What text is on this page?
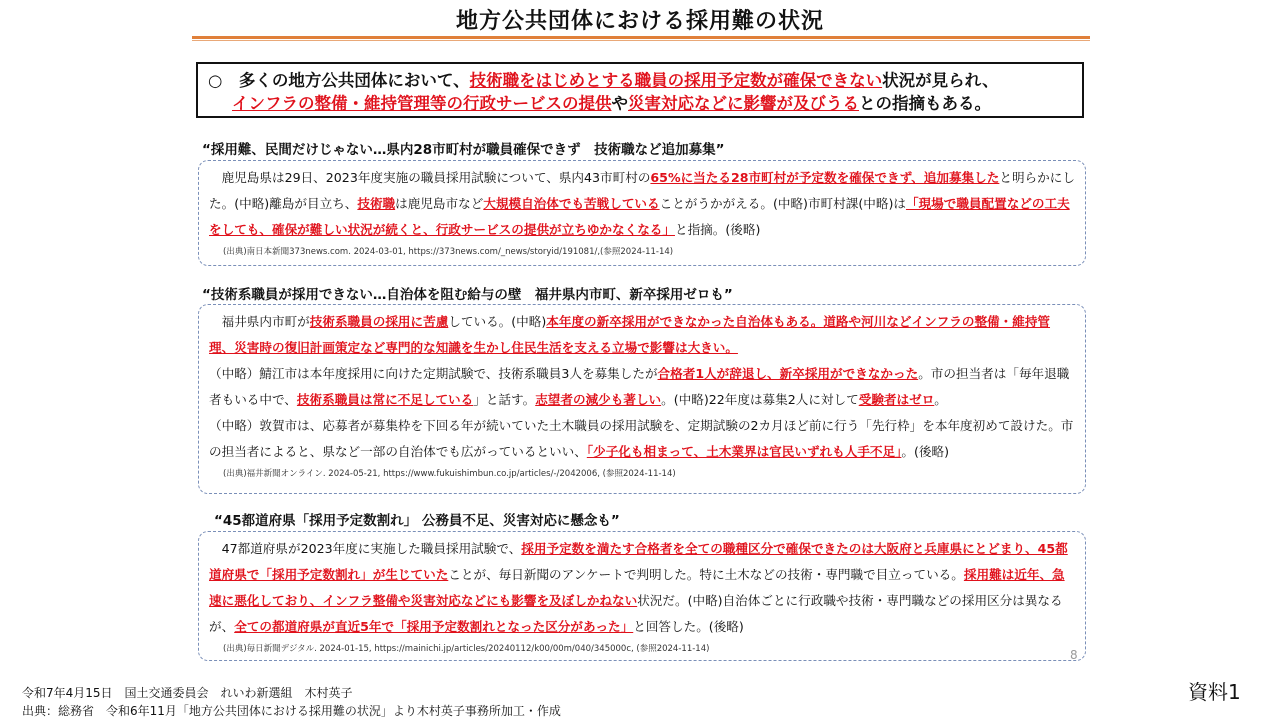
地方公共団体における採用難の状況
○　多くの地方公共団体において、技術職をはじめとする職員の採用予定数が確保できない状況が見られ、
インフラの整備・維持管理等の行政サービスの提供や災害対応などに影響が及びうるとの指摘もある。
“採用難、民間だけじゃない…県内28市町村が職員確保できず　技術職など追加募集”

　鹿児島県は29日、2023年度実施の職員採用試験について、県内43市町村の65%に当たる28市町村が予定数を確保できず、追加募集したと明らかにした。(中略)離島が目立ち、技術職は鹿児島市など大規模自治体でも苦戦していることがうかがえる。(中略)市町村課(中略)は「現場で職員配置などの工夫をしても、確保が難しい状況が続くと、行政サービスの提供が立ちゆかなくなる」と指摘。(後略)

(出典)南日本新聞373news.com. 2024-03-01, https://373news.com/_news/storyid/191081/,(参照2024-11-14)
“技術系職員が採用できない…自治体を阻む給与の壁　福井県内市町、新卒採用ゼロも”

　福井県内市町が技術系職員の採用に苦慮している。(中略)本年度の新卒採用ができなかった自治体もある。道路や河川などインフラの整備・維持管理、災害時の復旧計画策定など専門的な知識を生かし住民生活を支える立場で影響は大きい。

（中略）鯖江市は本年度採用に向けた定期試験で、技術系職員3人を募集したが合格者1人が辞退し、新卒採用ができなかった。市の担当者は「毎年退職者もいる中で、技術系職員は常に不足している」と話す。志望者の減少も著しい。(中略)22年度は募集2人に対して受験者はゼロ。

（中略）敦賀市は、応募者が募集枠を下回る年が続いていた土木職員の採用試験を、定期試験の2カ月ほど前に行う「先行枠」を本年度初めて設けた。市の担当者によると、県など一部の自治体でも広がっているといい、「少子化も相まって、土木業界は官民いずれも人手不足」。(後略)

(出典)福井新聞オンライン. 2024-05-21, https://www.fukuishimbun.co.jp/articles/-/2042006, (参照2024-11-14)
“45都道府県「採用予定数割れ」 公務員不足、災害対応に懸念も”

　47都道府県が2023年度に実施した職員採用試験で、採用予定数を満たす合格者を全ての職種区分で確保できたのは大阪府と兵庫県にとどまり、45都道府県で「採用予定数割れ」が生じていたことが、毎日新聞のアンケートで判明した。特に土木などの技術・専門職で目立っている。採用難は近年、急速に悪化しており、インフラ整備や災害対応などにも影響を及ぼしかねない状況だ。(中略)自治体ごとに行政職や技術・専門職などの採用区分は異なるが、全ての都道府県が直近5年で「採用予定数割れとなった区分があった」と回答した。(後略)

(出典)毎日新聞デジタル. 2024-01-15, https://mainichi.jp/articles/20240112/k00/00m/040/345000c, (参照2024-11-14)	8
令和7年4月15日　国土交通委員会　れいわ新選組　木村英子
出典：総務省　令和6年11月「地方公共団体における採用難の状況」より木村英子事務所加工・作成
資料1
